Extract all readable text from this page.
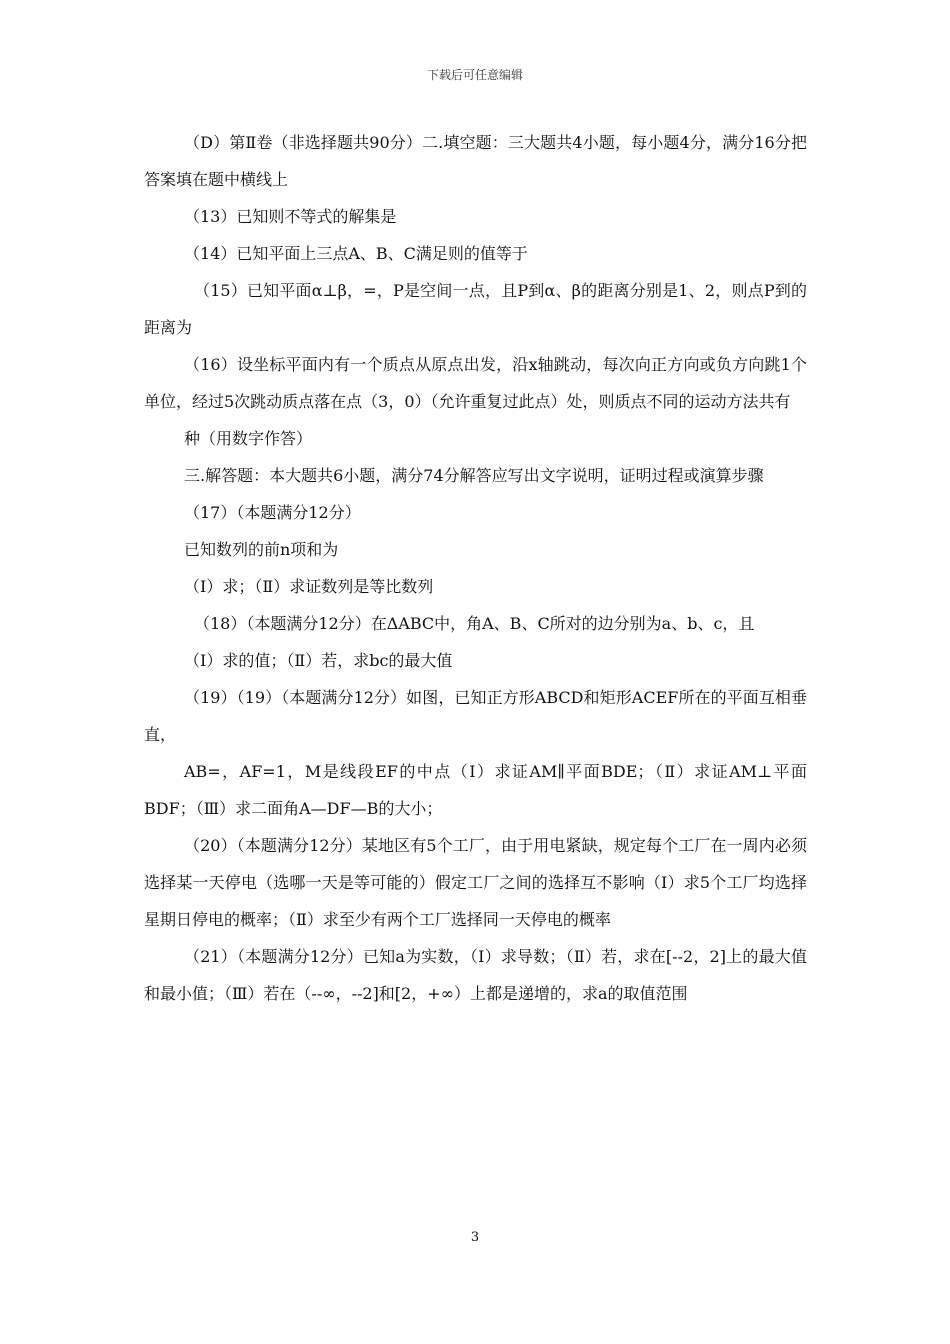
下载后可任意编辑

（D）第Ⅱ卷（非选择题共90分）二.填空题：三大题共4小题，每小题4分，满分16分把答案填在题中横线上

（13）已知则不等式的解集是

（14）已知平面上三点A、B、C满足则的值等于

（15）已知平面α⊥β，=，P是空间一点，且P到α、β的距离分别是1、2，则点P到的距离为

（16）设坐标平面内有一个质点从原点出发，沿x轴跳动，每次向正方向或负方向跳1个单位，经过5次跳动质点落在点（3，0）（允许重复过此点）处，则质点不同的运动方法共有

种（用数字作答）

三.解答题：本大题共6小题，满分74分解答应写出文字说明，证明过程或演算步骤

（17）（本题满分12分）

已知数列的前n项和为

（Ⅰ）求；（Ⅱ）求证数列是等比数列

（18）（本题满分12分）在ΔABC中，角A、B、C所对的边分别为a、b、c，且

（Ⅰ）求的值；（Ⅱ）若，求bc的最大值

（19）（19）（本题满分12分）如图，已知正方形ABCD和矩形ACEF所在的平面互相垂直，

AB=，AF=1，M是线段EF的中点（Ⅰ）求证AM∥平面BDE；（Ⅱ）求证AM⊥平面BDF；（Ⅲ）求二面角A—DF—B的大小；

（20）（本题满分12分）某地区有5个工厂，由于用电紧缺，规定每个工厂在一周内必须选择某一天停电（选哪一天是等可能的）假定工厂之间的选择互不影响（Ⅰ）求5个工厂均选择星期日停电的概率；（Ⅱ）求至少有两个工厂选择同一天停电的概率

（21）（本题满分12分）已知a为实数，（Ⅰ）求导数；（Ⅱ）若，求在[--2，2]上的最大值和最小值；（Ⅲ）若在（--∞，--2]和[2，+∞）上都是递增的，求a的取值范围

3
